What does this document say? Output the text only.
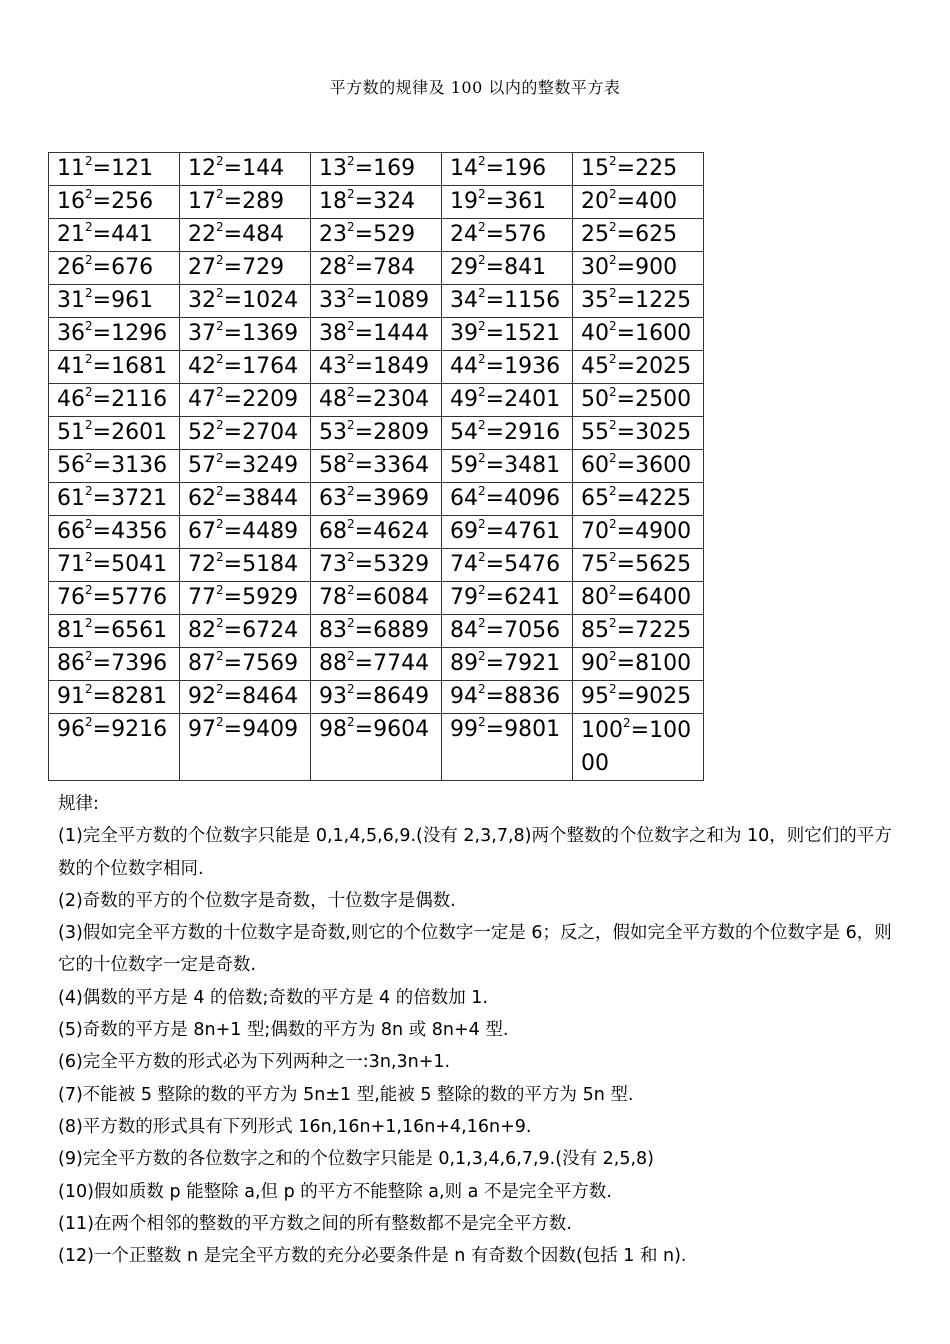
平方数的规律及 100 以内的整数平方表
$11^2=121$	$12^2=144$	$13^2=169$	$14^2=196$	$15^2=225$
$16^2=256$	$17^2=289$	$18^2=324$	$19^2=361$	$20^2=400$
$21^2=441$	$22^2=484$	$23^2=529$	$24^2=576$	$25^2=625$
$26^2=676$	$27^2=729$	$28^2=784$	$29^2=841$	$30^2=900$
$31^2=961$	$32^2=1024$	$33^2=1089$	$34^2=1156$	$35^2=1225$
$36^2=1296$	$37^2=1369$	$38^2=1444$	$39^2=1521$	$40^2=1600$
$41^2=1681$	$42^2=1764$	$43^2=1849$	$44^2=1936$	$45^2=2025$
$46^2=2116$	$47^2=2209$	$48^2=2304$	$49^2=2401$	$50^2=2500$
$51^2=2601$	$52^2=2704$	$53^2=2809$	$54^2=2916$	$55^2=3025$
$56^2=3136$	$57^2=3249$	$58^2=3364$	$59^2=3481$	$60^2=3600$
$61^2=3721$	$62^2=3844$	$63^2=3969$	$64^2=4096$	$65^2=4225$
$66^2=4356$	$67^2=4489$	$68^2=4624$	$69^2=4761$	$70^2=4900$
$71^2=5041$	$72^2=5184$	$73^2=5329$	$74^2=5476$	$75^2=5625$
$76^2=5776$	$77^2=5929$	$78^2=6084$	$79^2=6241$	$80^2=6400$
$81^2=6561$	$82^2=6724$	$83^2=6889$	$84^2=7056$	$85^2=7225$
$86^2=7396$	$87^2=7569$	$88^2=7744$	$89^2=7921$	$90^2=8100$
$91^2=8281$	$92^2=8464$	$93^2=8649$	$94^2=8836$	$95^2=9025$
$96^2=9216$	$97^2=9409$	$98^2=9604$	$99^2=9801$	$100^2=10000$
规律:
(1)完全平方数的个位数字只能是 0,1,4,5,6,9.(没有 2,3,7,8)两个整数的个位数字之和为 10，则它们的平方数的个位数字相同.
(2)奇数的平方的个位数字是奇数，十位数字是偶数.
(3)假如完全平方数的十位数字是奇数,则它的个位数字一定是 6；反之，假如完全平方数的个位数字是 6，则它的十位数字一定是奇数.
(4)偶数的平方是 4 的倍数;奇数的平方是 4 的倍数加 1.
(5)奇数的平方是 8n+1 型;偶数的平方为 8n 或 8n+4 型.
(6)完全平方数的形式必为下列两种之一:3n,3n+1.
(7)不能被 5 整除的数的平方为 5n±1 型,能被 5 整除的数的平方为 5n 型.
(8)平方数的形式具有下列形式 16n,16n+1,16n+4,16n+9.
(9)完全平方数的各位数字之和的个位数字只能是 0,1,3,4,6,7,9.(没有 2,5,8)
(10)假如质数 p 能整除 a,但 p 的平方不能整除 a,则 a 不是完全平方数.
(11)在两个相邻的整数的平方数之间的所有整数都不是完全平方数.
(12)一个正整数 n 是完全平方数的充分必要条件是 n 有奇数个因数(包括 1 和 n).
